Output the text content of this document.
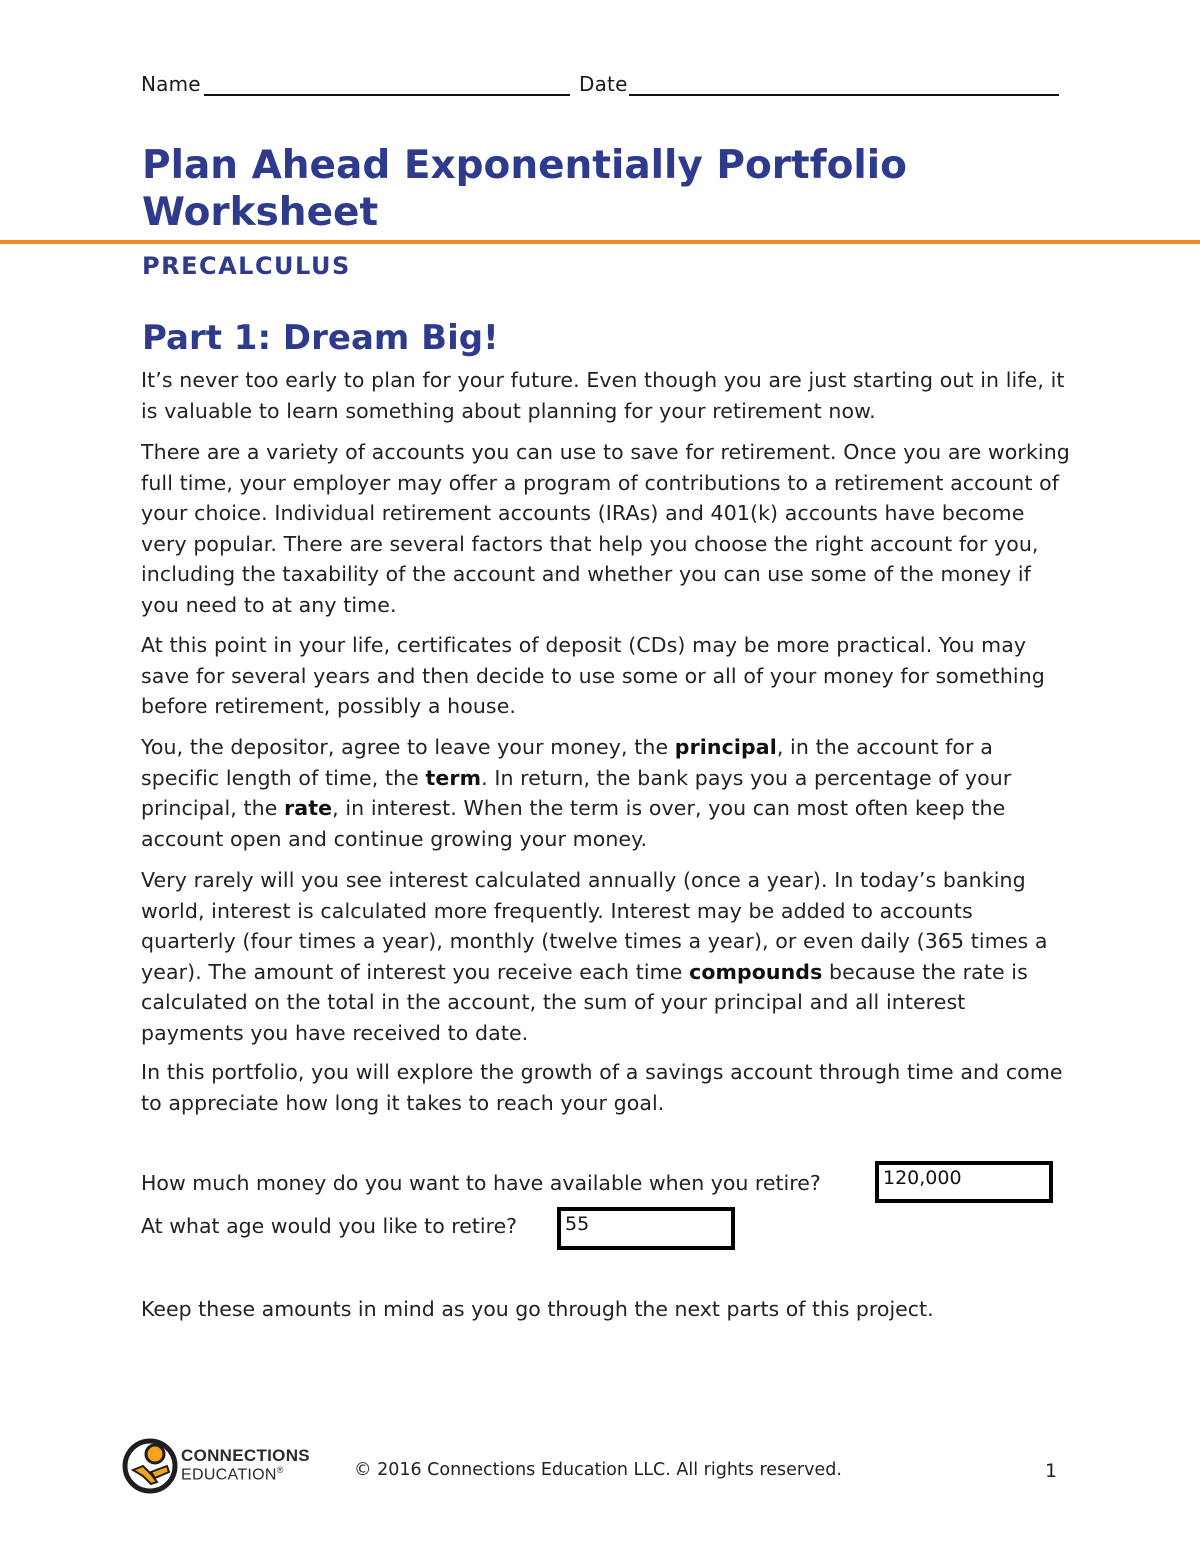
Name	Date
Plan Ahead Exponentially Portfolio Worksheet
PRECALCULUS
Part 1: Dream Big!
It’s never too early to plan for your future. Even though you are just starting out in life, it is valuable to learn something about planning for your retirement now.
There are a variety of accounts you can use to save for retirement. Once you are working full time, your employer may offer a program of contributions to a retirement account of your choice. Individual retirement accounts (IRAs) and 401(k) accounts have become very popular. There are several factors that help you choose the right account for you, including the taxability of the account and whether you can use some of the money if you need to at any time.
At this point in your life, certificates of deposit (CDs) may be more practical. You may save for several years and then decide to use some or all of your money for something before retirement, possibly a house.
You, the depositor, agree to leave your money, the principal, in the account for a specific length of time, the term. In return, the bank pays you a percentage of your principal, the rate, in interest. When the term is over, you can most often keep the account open and continue growing your money.
Very rarely will you see interest calculated annually (once a year). In today’s banking world, interest is calculated more frequently. Interest may be added to accounts quarterly (four times a year), monthly (twelve times a year), or even daily (365 times a year). The amount of interest you receive each time compounds because the rate is calculated on the total in the account, the sum of your principal and all interest payments you have received to date.
In this portfolio, you will explore the growth of a savings account through time and come to appreciate how long it takes to reach your goal.
How much money do you want to have available when you retire?	120,000
At what age would you like to retire?	55
Keep these amounts in mind as you go through the next parts of this project.
CONNECTIONS
EDUCATION®	© 2016 Connections Education LLC. All rights reserved.	1
